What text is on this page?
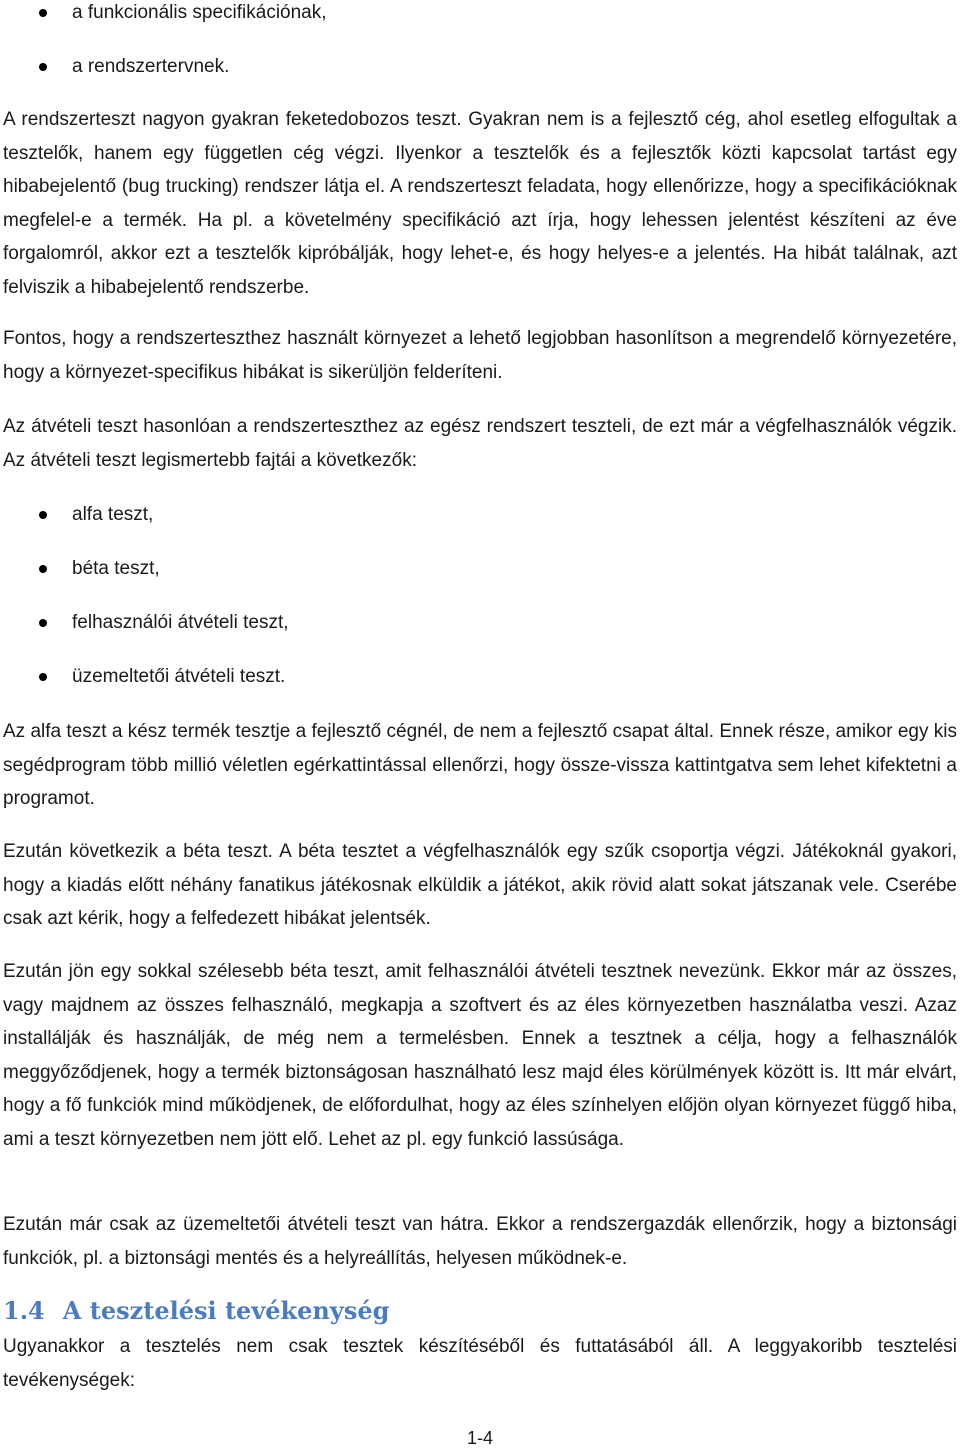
a funkcionális specifikációnak,
a rendszertervnek.

A rendszerteszt nagyon gyakran feketedobozos teszt. Gyakran nem is a fejlesztő cég, ahol esetleg elfogultak a tesztelők, hanem egy független cég végzi. Ilyenkor a tesztelők és a fejlesztők közti kapcsolat tartást egy hibabejelentő (bug trucking) rendszer látja el. A rendszerteszt feladata, hogy ellenőrizze, hogy a specifikációknak megfelel-e a termék. Ha pl. a követelmény specifikáció azt írja, hogy lehessen jelentést készíteni az éve forgalomról, akkor ezt a tesztelők kipróbálják, hogy lehet-e, és hogy helyes-e a jelentés. Ha hibát találnak, azt felviszik a hibabejelentő rendszerbe.

Fontos, hogy a rendszerteszthez használt környezet a lehető legjobban hasonlítson a megrendelő környezetére, hogy a környezet-specifikus hibákat is sikerüljön felderíteni.

Az átvételi teszt hasonlóan a rendszerteszthez az egész rendszert teszteli, de ezt már a végfelhasználók végzik. Az átvételi teszt legismertebb fajtái a következők:

alfa teszt,
béta teszt,
felhasználói átvételi teszt,
üzemeltetői átvételi teszt.

Az alfa teszt a kész termék tesztje a fejlesztő cégnél, de nem a fejlesztő csapat által. Ennek része, amikor egy kis segédprogram több millió véletlen egérkattintással ellenőrzi, hogy össze-vissza kattintgatva sem lehet kifektetni a programot.

Ezután következik a béta teszt. A béta tesztet a végfelhasználók egy szűk csoportja végzi. Játékoknál gyakori, hogy a kiadás előtt néhány fanatikus játékosnak elküldik a játékot, akik rövid alatt sokat játszanak vele. Cserébe csak azt kérik, hogy a felfedezett hibákat jelentsék.

Ezután jön egy sokkal szélesebb béta teszt, amit felhasználói átvételi tesztnek nevezünk. Ekkor már az összes, vagy majdnem az összes felhasználó, megkapja a szoftvert és az éles környezetben használatba veszi. Azaz installálják és használják, de még nem a termelésben. Ennek a tesztnek a célja, hogy a felhasználók meggyőződjenek, hogy a termék biztonságosan használható lesz majd éles körülmények között is. Itt már elvárt, hogy a fő funkciók mind működjenek, de előfordulhat, hogy az éles színhelyen előjön olyan környezet függő hiba, ami a teszt környezetben nem jött elő. Lehet az pl. egy funkció lassúsága.

Ezután már csak az üzemeltetői átvételi teszt van hátra. Ekkor a rendszergazdák ellenőrzik, hogy a biztonsági funkciók, pl. a biztonsági mentés és a helyreállítás, helyesen működnek-e.

1.4 A tesztelési tevékenység

Ugyanakkor a tesztelés nem csak tesztek készítéséből és futtatásából áll. A leggyakoribb tesztelési tevékenységek:

1-4
